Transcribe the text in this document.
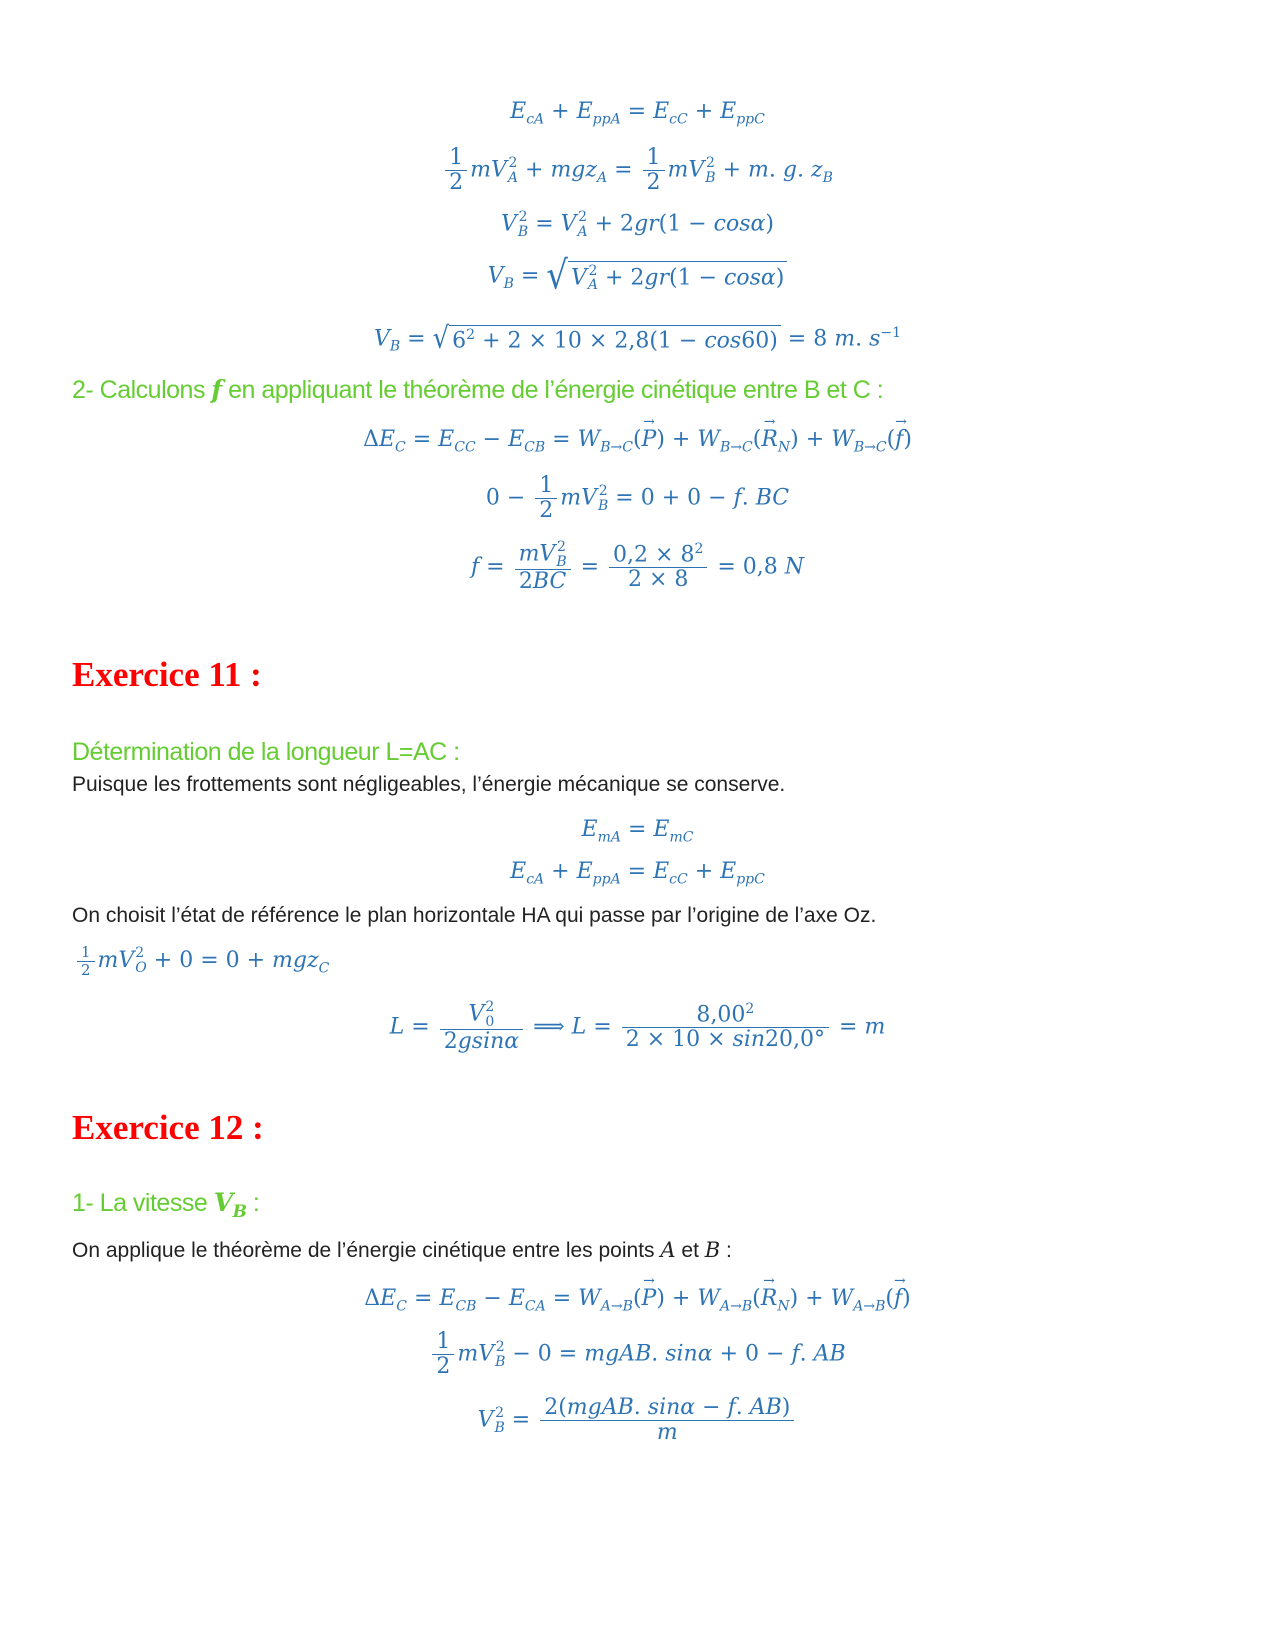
$E_{cA} + E_{ppA} = E_{cC} + E_{ppC}$
$\frac{1}{2}$ mV 2
$A + mgz_A = \frac{1}{2}$ mV 2
B + m. g. $z_B$
V 2
B = V 2
A + 2gr(1 − cosα)
$V_B$ = √ V 2
A + 2gr(1 − cosα)
$V_B$ = √ $6^2 + 2 \times 10 \times 2,8(1 - \cos 60) = 8$ m. $s^{-1}$
2- Calculons f en appliquant le théorème de l’énergie cinétique entre B et C :
$\Delta E_C = E_{CC} - E_{CB} = W_{B\to C}(\to P) + W_{B\to C}(\to R_N) + W_{B\to C}(\to f)$
$0 - \frac{1}{2}$ mV 2
B = 0 + 0 − f. BC
f = mV 2
B
$2BC = \frac{0,2 \times 8^2}{2 \times 8} = 0,8$ N
Exercice 11 :
Détermination de la longueur L=AC :
Puisque les frottements sont négligeables, l’énergie mécanique se conserve.
$E_{mA} = E_{mC}$
$E_{cA} + E_{ppA} = E_{cC} + E_{ppC}$
On choisit l’état de référence le plan horizontale HA qui passe par l’origine de l’axe Oz.
$\frac{1}{2}$ mV 2
O + 0 = 0 + mgz$_C$
L = V 2
0
2gsinα ⟹ $L = \frac{8,00^2}{2 \times 10 \times \sin 20,0^\circ} = m$
Exercice 12 :
1- La vitesse $V_B$ :
On applique le théorème de l’énergie cinétique entre les points A et B :
$\Delta E_C = E_{CB} - E_{CA} = W_{A\to B}(\to P) + W_{A\to B}(\to R_N) + W_{A\to B}(\to f)$
$\frac{1}{2}$ mV 2
B − 0 = mgAB. sinα + 0 − f. AB
V 2
$B = \frac{\text{2(mgAB. sinα − f. AB)}}{m}$
